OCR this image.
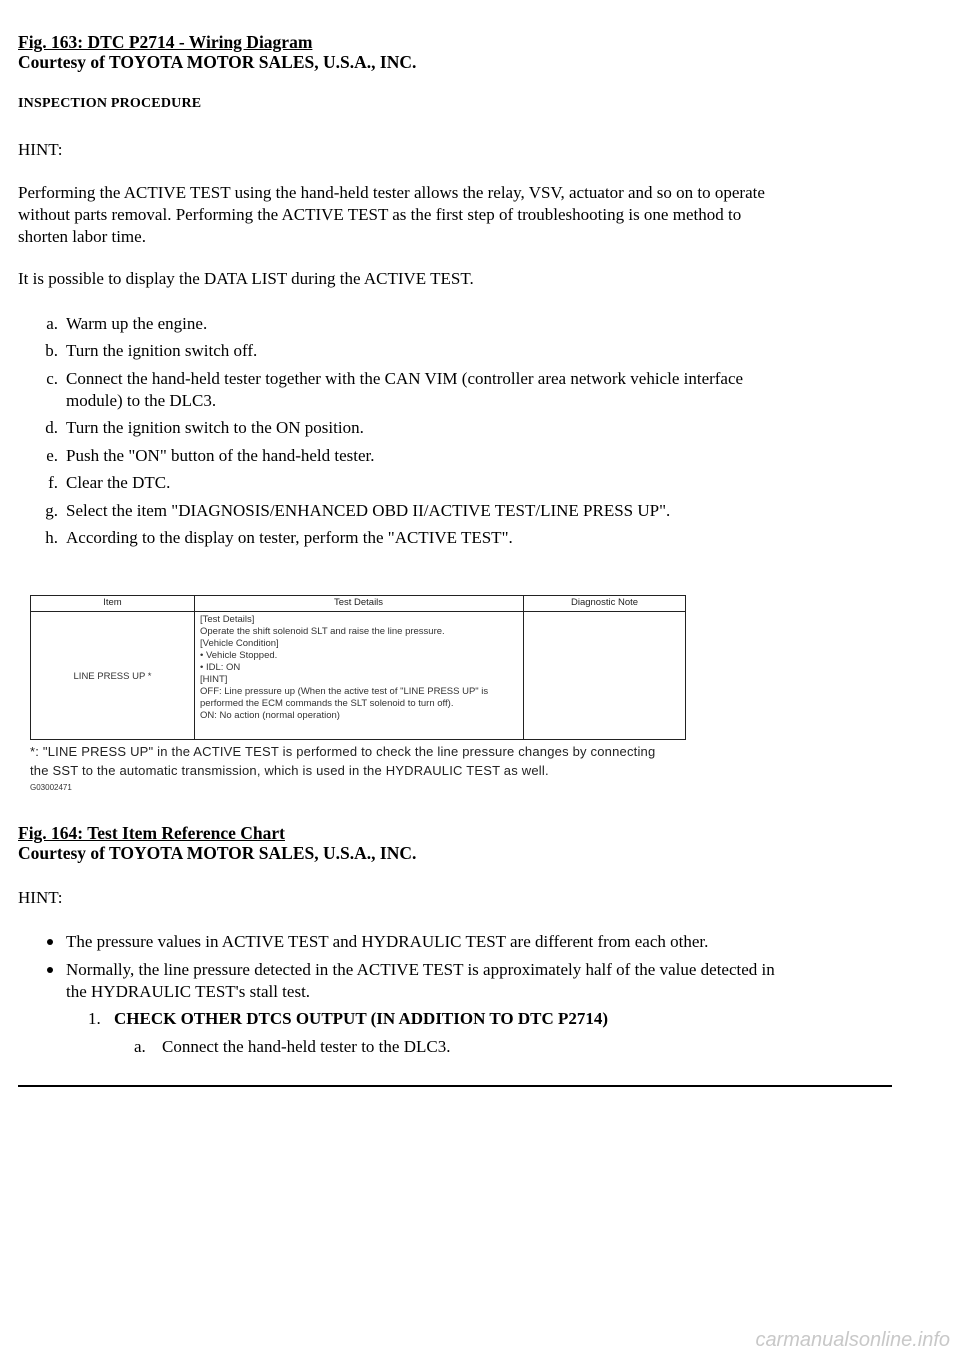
Fig. 163: DTC P2714 - Wiring Diagram
Courtesy of TOYOTA MOTOR SALES, U.S.A., INC.
INSPECTION PROCEDURE
HINT:
Performing the ACTIVE TEST using the hand-held tester allows the relay, VSV, actuator and so on to operate
without parts removal. Performing the ACTIVE TEST as the first step of troubleshooting is one method to
shorten labor time.
It is possible to display the DATA LIST during the ACTIVE TEST.
a. Warm up the engine.
b. Turn the ignition switch off.
c. Connect the hand-held tester together with the CAN VIM (controller area network vehicle interface
module) to the DLC3.
d. Turn the ignition switch to the ON position.
e. Push the "ON" button of the hand-held tester.
f. Clear the DTC.
g. Select the item "DIAGNOSIS/ENHANCED OBD II/ACTIVE TEST/LINE PRESS UP".
h. According to the display on tester, perform the "ACTIVE TEST".
Item	Test Details	Diagnostic Note
LINE PRESS UP *
[Test Details]
Operate the shift solenoid SLT and raise the line pressure.
[Vehicle Condition]
• Vehicle Stopped.
• IDL: ON
[HINT]
OFF: Line pressure up (When the active test of "LINE PRESS UP" is
performed the ECM commands the SLT solenoid to turn off).
ON: No action (normal operation)
*: "LINE PRESS UP" in the ACTIVE TEST is performed to check the line pressure changes by connecting
the SST to the automatic transmission, which is used in the HYDRAULIC TEST as well.
G03002471
Fig. 164: Test Item Reference Chart
Courtesy of TOYOTA MOTOR SALES, U.S.A., INC.
HINT:
The pressure values in ACTIVE TEST and HYDRAULIC TEST are different from each other.
Normally, the line pressure detected in the ACTIVE TEST is approximately half of the value detected in
the HYDRAULIC TEST's stall test.
1. CHECK OTHER DTCS OUTPUT (IN ADDITION TO DTC P2714)
a. Connect the hand-held tester to the DLC3.
carmanualsonline.info
